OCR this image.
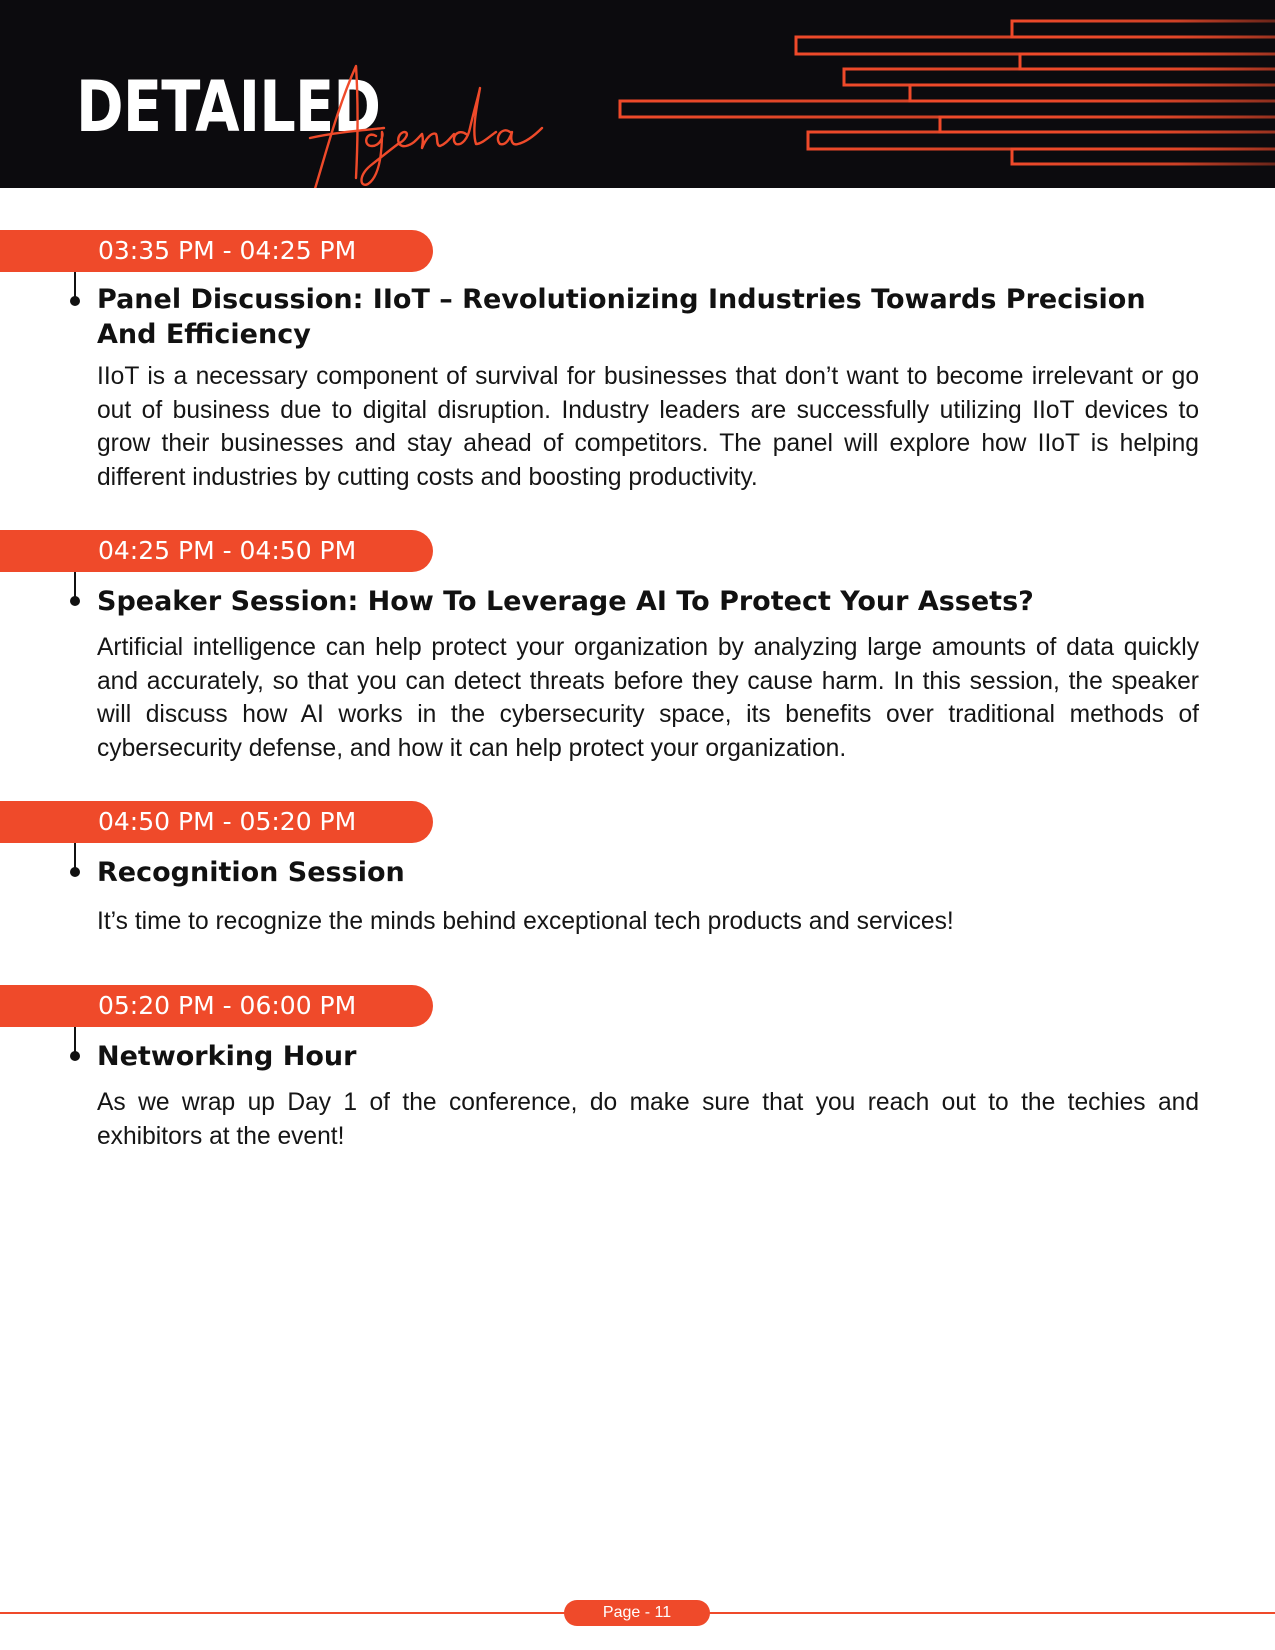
DETAILED
03:35 PM - 04:25 PM
Panel Discussion: IIoT – Revolutionizing Industries Towards Precision And Efficiency

IIoT is a necessary component of survival for businesses that don’t want to become irrelevant or go out of business due to digital disruption. Industry leaders are successfully utilizing IIoT devices to grow their businesses and stay ahead of competitors. The panel will explore how IIoT is helping different industries by cutting costs and boosting productivity.

04:25 PM - 04:50 PM
Speaker Session: How To Leverage AI To Protect Your Assets?

Artificial intelligence can help protect your organization by analyzing large amounts of data quickly and accurately, so that you can detect threats before they cause harm. In this session, the speaker will discuss how AI works in the cybersecurity space, its benefits over traditional methods of cybersecurity defense, and how it can help protect your organization.

04:50 PM - 05:20 PM
Recognition Session

It’s time to recognize the minds behind exceptional tech products and services!

05:20 PM - 06:00 PM
Networking Hour

As we wrap up Day 1 of the conference, do make sure that you reach out to the techies and exhibitors at the event!

Page - 11
